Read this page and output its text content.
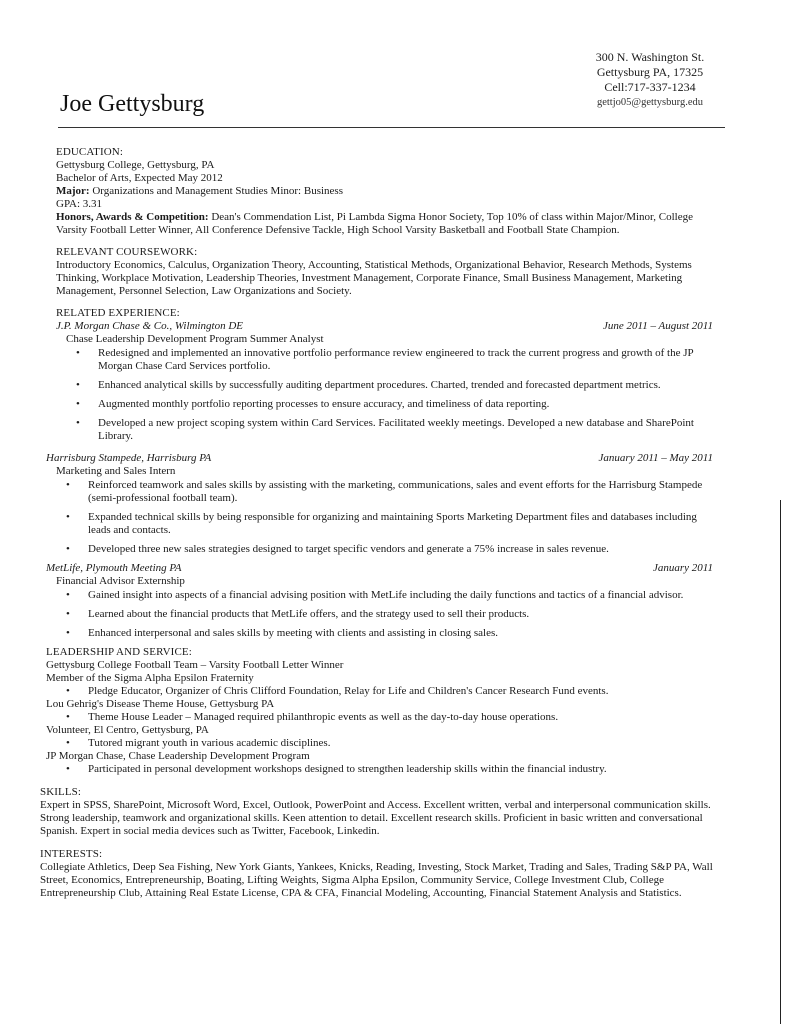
300 N. Washington St.
Gettysburg PA, 17325
Cell:717-337-1234
gettjo05@gettysburg.edu
Joe Gettysburg
EDUCATION:
Gettysburg College, Gettysburg, PA
Bachelor of Arts, Expected May 2012
Major: Organizations and Management Studies Minor: Business
GPA: 3.31
Honors, Awards & Competition: Dean's Commendation List, Pi Lambda Sigma Honor Society, Top 10% of class within Major/Minor, College Varsity Football Letter Winner, All Conference Defensive Tackle, High School Varsity Basketball and Football State Champion.
RELEVANT COURSEWORK:
Introductory Economics, Calculus, Organization Theory, Accounting, Statistical Methods, Organizational Behavior, Research Methods, Systems Thinking, Workplace Motivation, Leadership Theories, Investment Management, Corporate Finance, Small Business Management, Marketing Management, Personnel Selection, Law Organizations and Society.
RELATED EXPERIENCE:
J.P. Morgan Chase & Co., Wilmington DE	June 2011 – August 2011
Chase Leadership Development Program Summer Analyst
• Redesigned and implemented an innovative portfolio performance review engineered to track the current progress and growth of the JP Morgan Chase Card Services portfolio.
• Enhanced analytical skills by successfully auditing department procedures. Charted, trended and forecasted department metrics.
• Augmented monthly portfolio reporting processes to ensure accuracy, and timeliness of data reporting.
• Developed a new project scoping system within Card Services. Facilitated weekly meetings. Developed a new database and SharePoint Library.
Harrisburg Stampede, Harrisburg PA	January 2011 – May 2011
Marketing and Sales Intern
• Reinforced teamwork and sales skills by assisting with the marketing, communications, sales and event efforts for the Harrisburg Stampede (semi-professional football team).
• Expanded technical skills by being responsible for organizing and maintaining Sports Marketing Department files and databases including leads and contacts.
• Developed three new sales strategies designed to target specific vendors and generate a 75% increase in sales revenue.
MetLife, Plymouth Meeting PA	January 2011
Financial Advisor Externship
• Gained insight into aspects of a financial advising position with MetLife including the daily functions and tactics of a financial advisor.
• Learned about the financial products that MetLife offers, and the strategy used to sell their products.
• Enhanced interpersonal and sales skills by meeting with clients and assisting in closing sales.
LEADERSHIP AND SERVICE:
Gettysburg College Football Team – Varsity Football Letter Winner
Member of the Sigma Alpha Epsilon Fraternity
• Pledge Educator, Organizer of Chris Clifford Foundation, Relay for Life and Children's Cancer Research Fund events.
Lou Gehrig's Disease Theme House, Gettysburg PA
• Theme House Leader – Managed required philanthropic events as well as the day-to-day house operations.
Volunteer, El Centro, Gettysburg, PA
• Tutored migrant youth in various academic disciplines.
JP Morgan Chase, Chase Leadership Development Program
• Participated in personal development workshops designed to strengthen leadership skills within the financial industry.
SKILLS:
Expert in SPSS, SharePoint, Microsoft Word, Excel, Outlook, PowerPoint and Access. Excellent written, verbal and interpersonal communication skills. Strong leadership, teamwork and organizational skills. Keen attention to detail. Excellent research skills. Proficient in basic written and conversational Spanish. Expert in social media devices such as Twitter, Facebook, Linkedin.
INTERESTS:
Collegiate Athletics, Deep Sea Fishing, New York Giants, Yankees, Knicks, Reading, Investing, Stock Market, Trading and Sales, Trading S&P PA, Wall Street, Economics, Entrepreneurship, Boating, Lifting Weights, Sigma Alpha Epsilon, Community Service, College Investment Club, College Entrepreneurship Club, Attaining Real Estate License, CPA & CFA, Financial Modeling, Accounting, Financial Statement Analysis and Statistics.
